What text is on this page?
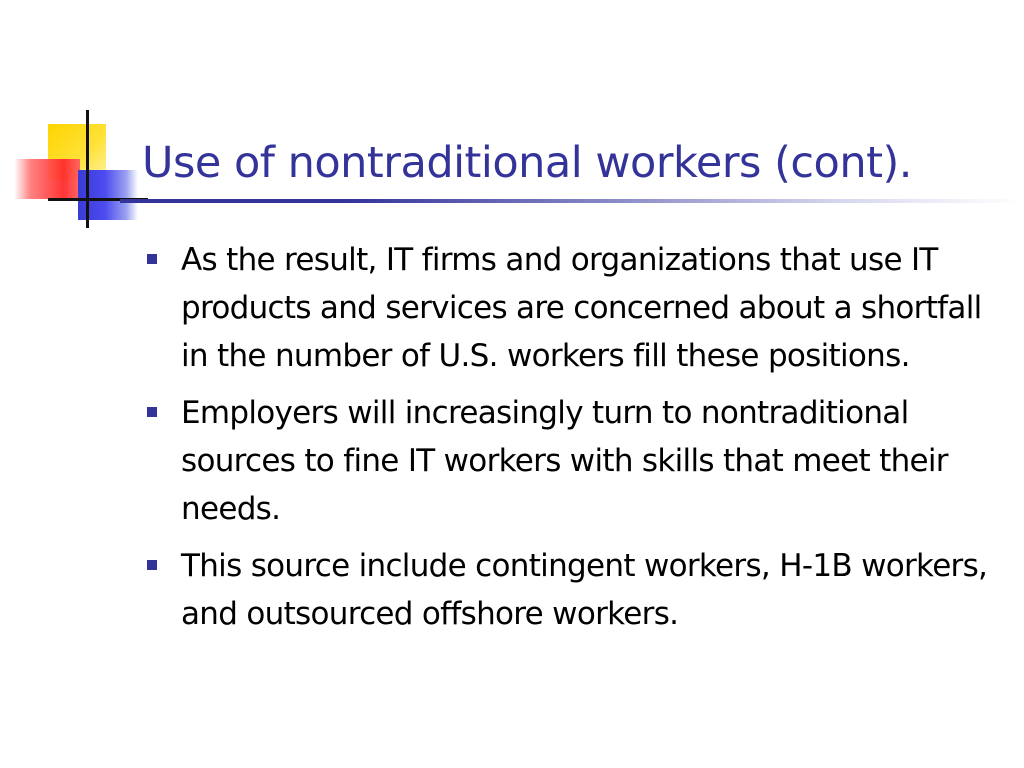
Use of nontraditional workers (cont).
As the result, IT firms and organizations that use IT products and services are concerned about a shortfall in the number of U.S. workers fill these positions.
Employers will increasingly turn to nontraditional sources to fine IT workers with skills that meet their needs.
This source include contingent workers, H-1B workers, and outsourced offshore workers.
